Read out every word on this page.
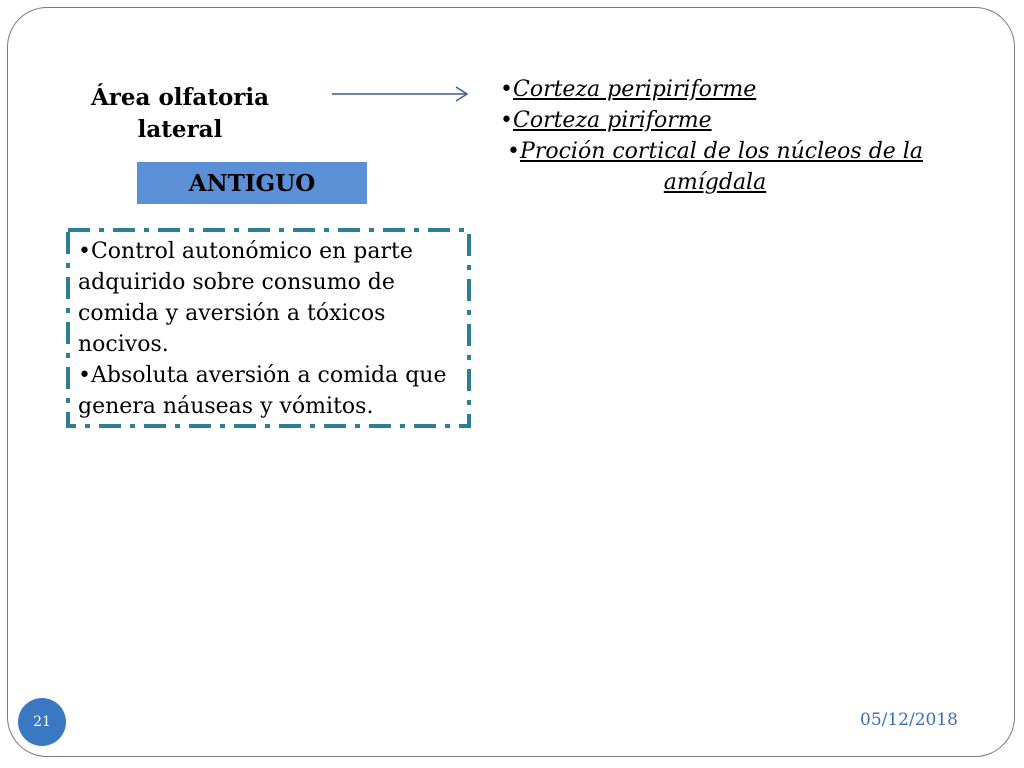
Área olfatoria
lateral
•Corteza peripiriforme
•Corteza piriforme
•Proción cortical de los núcleos de la amígdala
ANTIGUO
•Control autonómico en parte adquirido sobre consumo de comida y aversión a tóxicos nocivos.
•Absoluta aversión a comida que genera náuseas y vómitos.
21	05/12/2018
